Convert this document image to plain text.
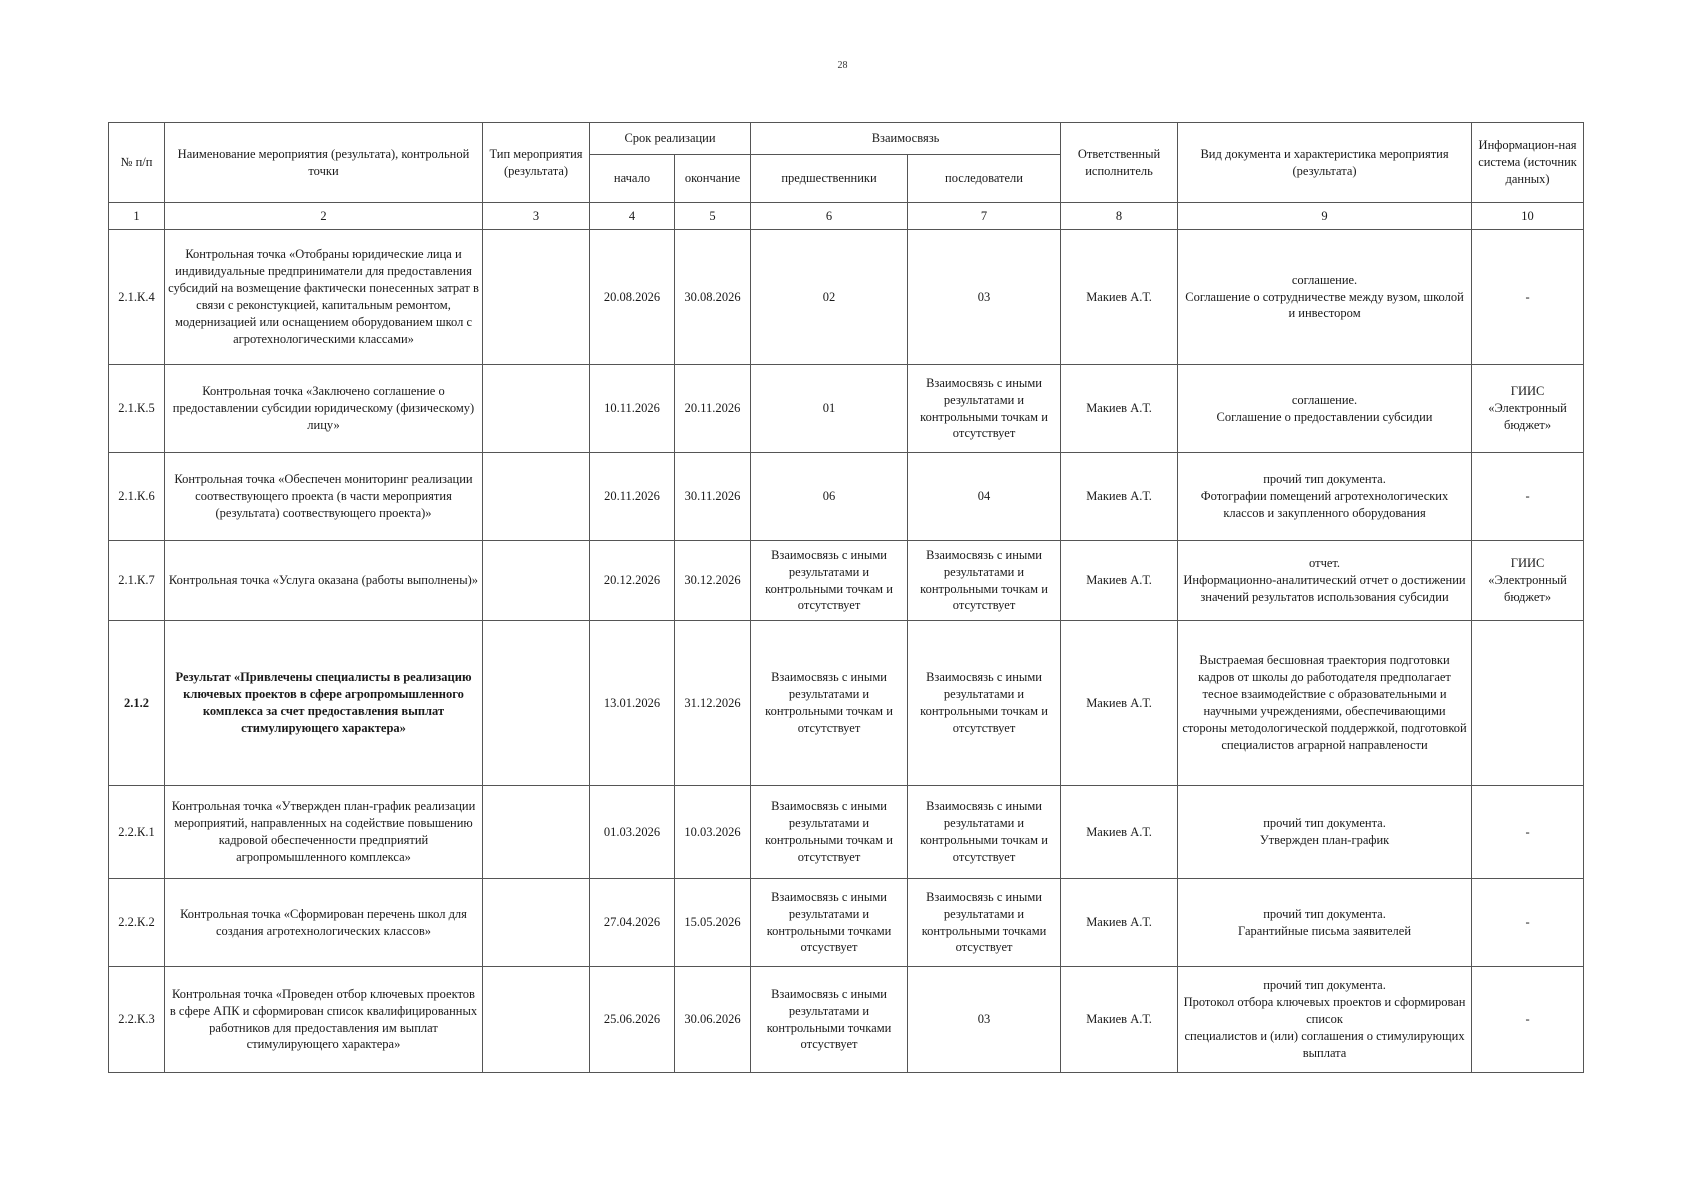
28
№ п/п	Наименование мероприятия (результата), контрольной точки	Тип мероприятия (результата)	Срок реализации		Взаимосвязь		Ответственный исполнитель	Вид документа и характеристика мероприятия (результата)	Информацион-ная система (источник данных)
			начало	окончание	предшественники	последователи			
1	2	3	4	5	6	7	8	9	10

2.1.К.4	Контрольная точка «Отобраны юридические лица и индивидуальные предприниматели для предоставления субсидий на возмещение фактически понесенных затрат в связи с реконстукцией, капитальным ремонтом, модернизацией или оснащением оборудованием школ с агротехнологическими классами»		20.08.2026	30.08.2026	02	03	Макиев А.Т.	соглашение.
Соглашение о сотрудничестве между вузом, школой и инвестором	-

2.1.К.5	Контрольная точка «Заключено соглашение о предоставлении субсидии юридическому (физическому) лицу»		10.11.2026	20.11.2026	01	Взаимосвязь с иными результатами и контрольными точкам и отсутствует	Макиев А.Т.	соглашение.
Соглашение о предоставлении субсидии	ГИИС «Электронный бюджет»

2.1.К.6	Контрольная точка «Обеспечен мониторинг реализации соотвествующего проекта (в части мероприятия (результата) соотвествующего проекта)»		20.11.2026	30.11.2026	06	04	Макиев А.Т.	прочий тип документа.
Фотографии помещений агротехнологических классов и закупленного оборудования	-

2.1.К.7	Контрольная точка «Услуга оказана (работы выполнены)»		20.12.2026	30.12.2026	Взаимосвязь с иными результатами и контрольными точкам и отсутствует	Взаимосвязь с иными результатами и контрольными точкам и отсутствует	Макиев А.Т.	отчет.
Информационно-аналитический отчет о достижении значений результатов использования субсидии	ГИИС «Электронный бюджет»

2.1.2	Результат «Привлечены специалисты в реализацию ключевых проектов в сфере агропромышленного комплекса за счет предоставления выплат стимулирующего характера»		13.01.2026	31.12.2026	Взаимосвязь с иными результатами и контрольными точкам и отсутствует	Взаимосвязь с иными результатами и контрольными точкам и отсутствует	Макиев А.Т.	Выстраемая бесшовная траектория подготовки кадров от школы до работодателя предполагает тесное взаимодействие с образовательными и научными учреждениями, обеспечивающими стороны методологической поддержкой, подготовкой специалистов аграрной направлености	

2.2.К.1	Контрольная точка «Утвержден план-график реализации мероприятий, направленных на содействие повышению
кадровой обеспеченности предприятий агропромышленного комплекса»		01.03.2026	10.03.2026	Взаимосвязь с иными результатами и контрольными точкам и отсутствует	Взаимосвязь с иными результатами и контрольными точкам и отсутствует	Макиев А.Т.	прочий тип документа.
Утвержден план-график	-

2.2.К.2	Контрольная точка «Сформирован перечень школ для создания агротехнологических классов»		27.04.2026	15.05.2026	Взаимосвязь с иными результатами и контрольными точками отсуствует	Взаимосвязь с иными результатами и контрольными точками отсуствует	Макиев А.Т.	прочий тип документа.
Гарантийные письма заявителей	-

2.2.К.3	Контрольная точка «Проведен отбор ключевых проектов в сфере АПК и сформирован список квалифицированных
работников для предоставления им выплат стимулирующего характера»		25.06.2026	30.06.2026	Взаимосвязь с иными результатами и контрольными точками отсуствует	03	Макиев А.Т.	прочий тип документа.
Протокол отбора ключевых проектов и сформирован список
специалистов и (или) соглашения о стимулирующих выплата	-
